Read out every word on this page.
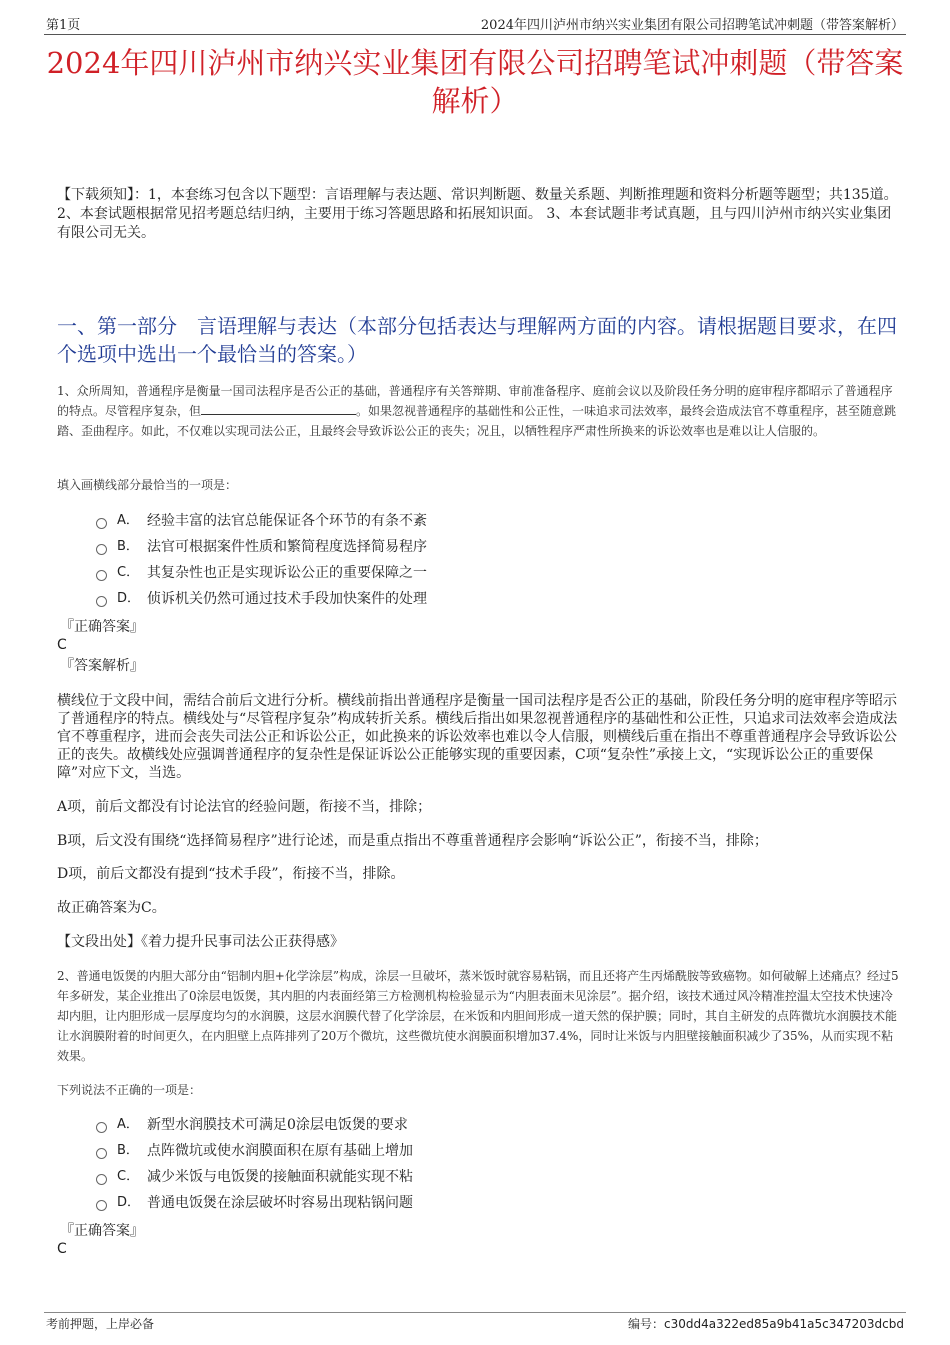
第1页	2024年四川泸州市纳兴实业集团有限公司招聘笔试冲刺题（带答案解析）
2024年四川泸州市纳兴实业集团有限公司招聘笔试冲刺题（带答案解析）
【下载须知】：1，本套练习包含以下题型：言语理解与表达题、常识判断题、数量关系题、判断推理题和资料分析题等题型；共135道。 2、本套试题根据常见招考题总结归纳，主要用于练习答题思路和拓展知识面。 3、本套试题非考试真题，且与四川泸州市纳兴实业集团有限公司无关。
一、第一部分　言语理解与表达（本部分包括表达与理解两方面的内容。请根据题目要求，在四个选项中选出一个最恰当的答案。）
1、众所周知，普通程序是衡量一国司法程序是否公正的基础，普通程序有关答辩期、审前准备程序、庭前会议以及阶段任务分明的庭审程序都昭示了普通程序的特点。尽管程序复杂，但	。如果忽视普通程序的基础性和公正性，一味追求司法效率，最终会造成法官不尊重程序，甚至随意跳踏、歪曲程序。如此，不仅难以实现司法公正，且最终会导致诉讼公正的丧失；况且，以牺牲程序严肃性所换来的诉讼效率也是难以让人信服的。
填入画横线部分最恰当的一项是：
A． 经验丰富的法官总能保证各个环节的有条不紊
B． 法官可根据案件性质和繁简程度选择简易程序
C． 其复杂性也正是实现诉讼公正的重要保障之一
D． 侦诉机关仍然可通过技术手段加快案件的处理
『正确答案』
C
『答案解析』
横线位于文段中间，需结合前后文进行分析。横线前指出普通程序是衡量一国司法程序是否公正的基础，阶段任务分明的庭审程序等昭示了普通程序的特点。横线处与“尽管程序复杂”构成转折关系。横线后指出如果忽视普通程序的基础性和公正性，只追求司法效率会造成法官不尊重程序，进而会丧失司法公正和诉讼公正，如此换来的诉讼效率也难以令人信服，则横线后重在指出不尊重普通程序会导致诉讼公正的丧失。故横线处应强调普通程序的复杂性是保证诉讼公正能够实现的重要因素，C项“复杂性”承接上文，“实现诉讼公正的重要保障”对应下文，当选。
A项，前后文都没有讨论法官的经验问题，衔接不当，排除；
B项，后文没有围绕“选择简易程序”进行论述，而是重点指出不尊重普通程序会影响“诉讼公正”，衔接不当，排除；
D项，前后文都没有提到“技术手段”，衔接不当，排除。
故正确答案为C。
【文段出处】《着力提升民事司法公正获得感》
2、普通电饭煲的内胆大部分由“铝制内胆+化学涂层”构成，涂层一旦破坏，蒸米饭时就容易粘锅，而且还将产生丙烯酰胺等致癌物。如何破解上述痛点？经过5年多研发，某企业推出了0涂层电饭煲，其内胆的内表面经第三方检测机构检验显示为“内胆表面未见涂层”。据介绍，该技术通过风冷精准控温太空技术快速冷却内胆，让内胆形成一层厚度均匀的水润膜，这层水润膜代替了化学涂层，在米饭和内胆间形成一道天然的保护膜；同时，其自主研发的点阵微坑水润膜技术能让水润膜附着的时间更久，在内胆壁上点阵排列了20万个微坑，这些微坑使水润膜面积增加37.4%，同时让米饭与内胆壁接触面积减少了35%，从而实现不粘效果。
下列说法不正确的一项是：
A． 新型水润膜技术可满足0涂层电饭煲的要求
B． 点阵微坑或使水润膜面积在原有基础上增加
C． 减少米饭与电饭煲的接触面积就能实现不粘
D． 普通电饭煲在涂层破坏时容易出现粘锅问题
『正确答案』
C
考前押题，上岸必备	编号：c30dd4a322ed85a9b41a5c347203dcbd
